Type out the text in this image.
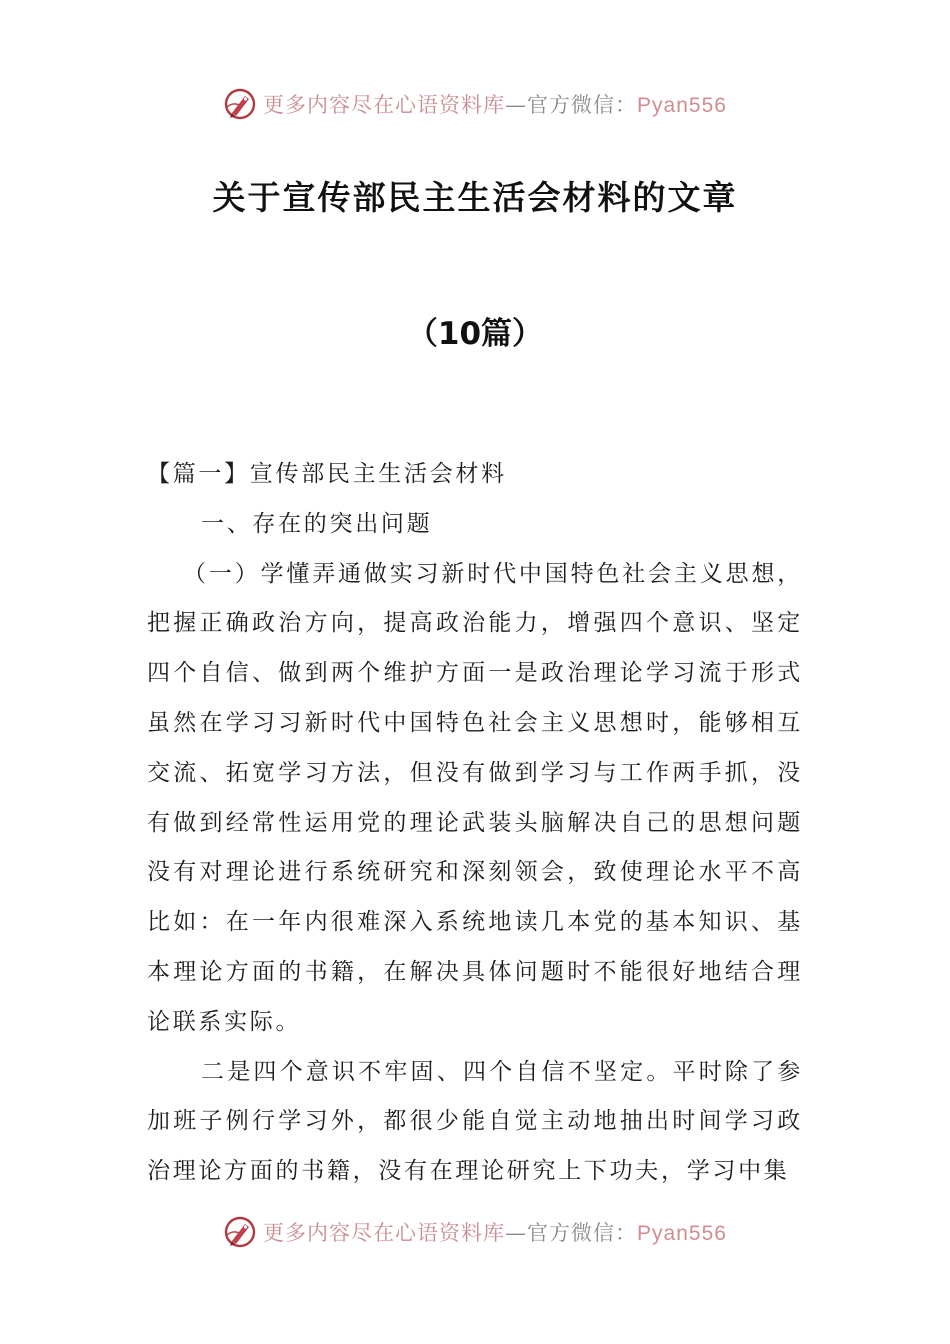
更多内容尽在心语资料库—官方微信：Pyan556
关于宣传部民主生活会材料的文章
（10篇）

【篇一】宣传部民主生活会材料

一、存在的突出问题

（一）学懂弄通做实习新时代中国特色社会主义思想，把握正确政治方向，提高政治能力，增强四个意识、坚定四个自信、做到两个维护方面一是政治理论学习流于形式虽然在学习习新时代中国特色社会主义思想时，能够相互交流、拓宽学习方法，但没有做到学习与工作两手抓，没有做到经常性运用党的理论武装头脑解决自己的思想问题没有对理论进行系统研究和深刻领会，致使理论水平不高比如：在一年内很难深入系统地读几本党的基本知识、基本理论方面的书籍，在解决具体问题时不能很好地结合理论联系实际。

二是四个意识不牢固、四个自信不坚定。平时除了参加班子例行学习外，都很少能自觉主动地抽出时间学习政治理论方面的书籍，没有在理论研究上下功夫，学习中集

更多内容尽在心语资料库—官方微信：Pyan556
